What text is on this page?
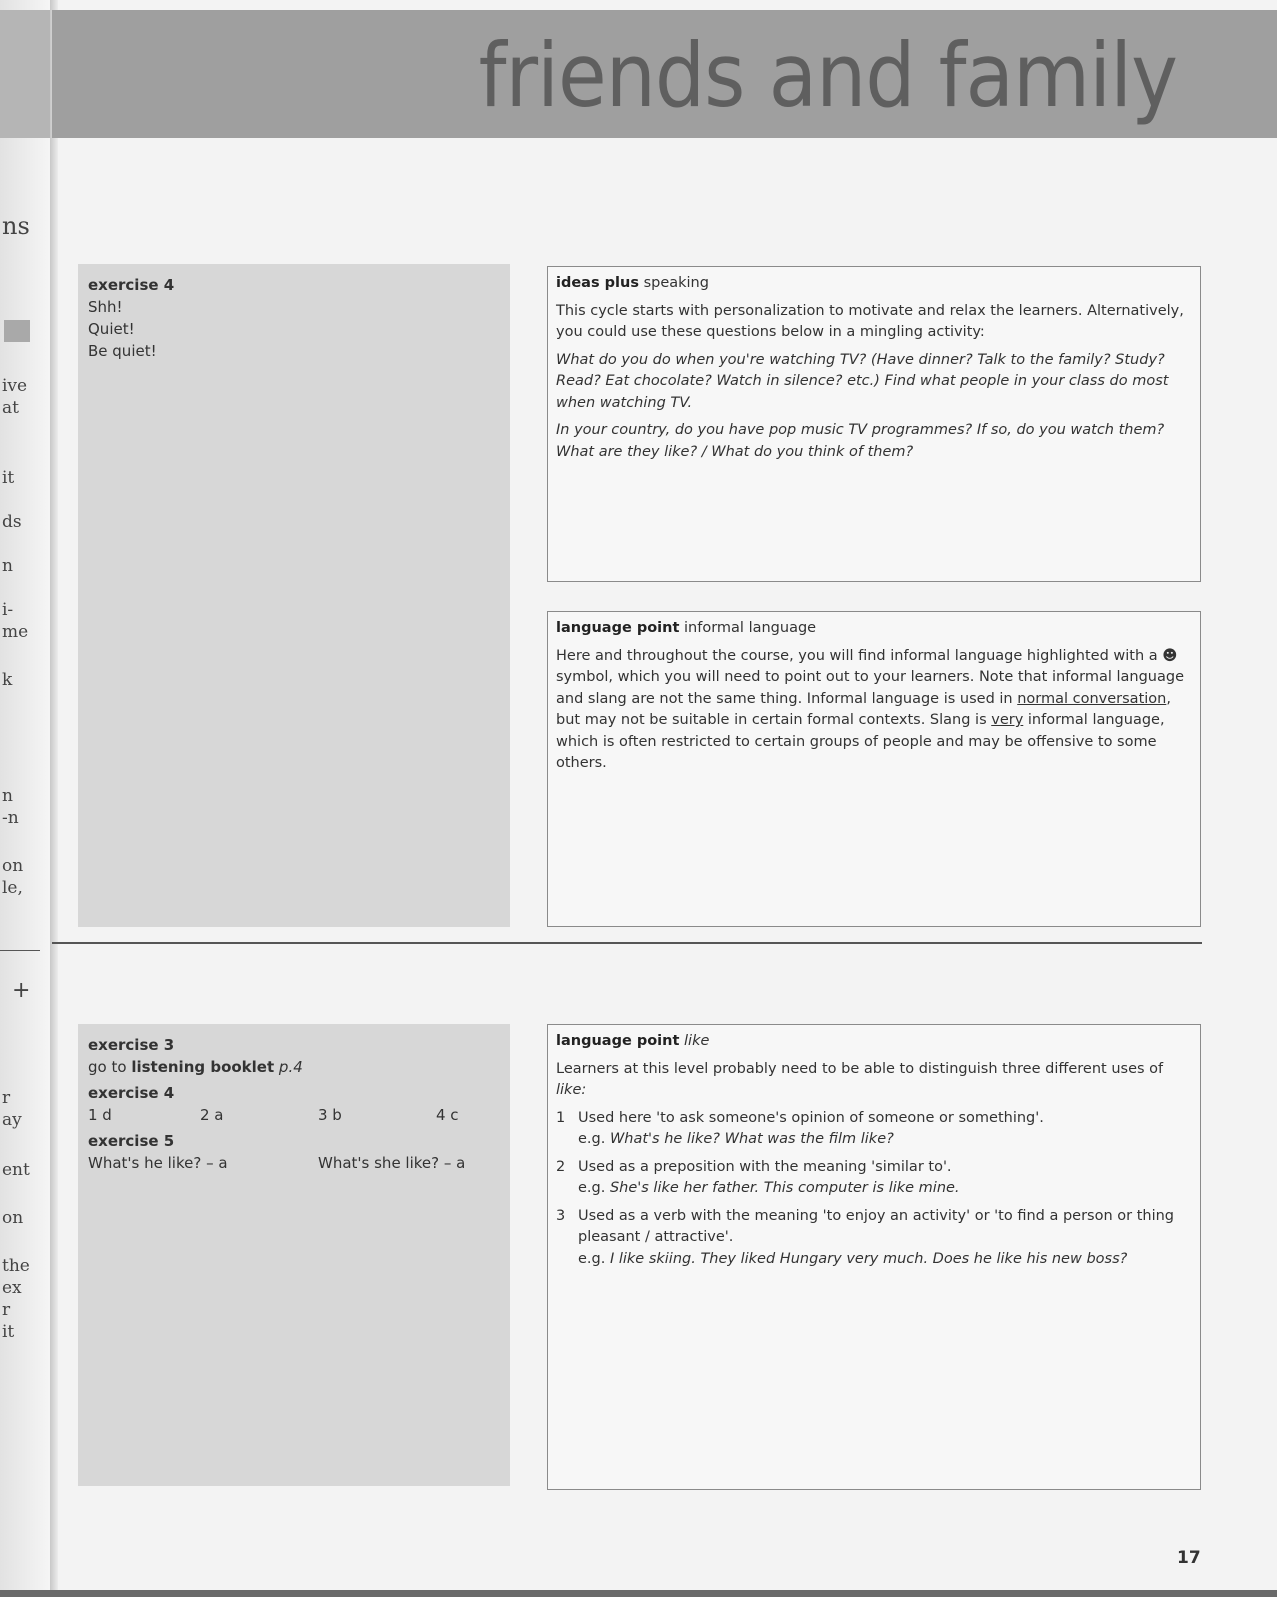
friends and family
ns
ive
at
it
ds
n
i-
me
k
n
-n
on
le,
r
ay
ent
on
the
ex
r
it
exercise 4
Shh!
Quiet!
Be quiet!
ideas plus speaking

This cycle starts with personalization to motivate and relax the learners. Alternatively, you could use these questions below in a mingling activity:

What do you do when you're watching TV? (Have dinner? Talk to the family? Study? Read? Eat chocolate? Watch in silence? etc.) Find what people in your class do most when watching TV.

In your country, do you have pop music TV programmes? If so, do you watch them? What are they like? / What do you think of them?

language point informal language

Here and throughout the course, you will find informal language highlighted with a ☻ symbol, which you will need to point out to your learners. Note that informal language and slang are not the same thing. Informal language is used in normal conversation, but may not be suitable in certain formal contexts. Slang is very informal language, which is often restricted to certain groups of people and may be offensive to some others.

+
exercise 3
go to listening booklet p.4
exercise 4
1 d	2 a	3 b	4 c
exercise 5
What's he like? – a	What's she like? – a
language point like

Learners at this level probably need to be able to distinguish three different uses of like:

1 Used here 'to ask someone's opinion of someone or something'.
e.g. What's he like? What was the film like?
2 Used as a preposition with the meaning 'similar to'.
e.g. She's like her father. This computer is like mine.
3 Used as a verb with the meaning 'to enjoy an activity' or 'to find a person or thing pleasant / attractive'.
e.g. I like skiing. They liked Hungary very much. Does he like his new boss?
17
